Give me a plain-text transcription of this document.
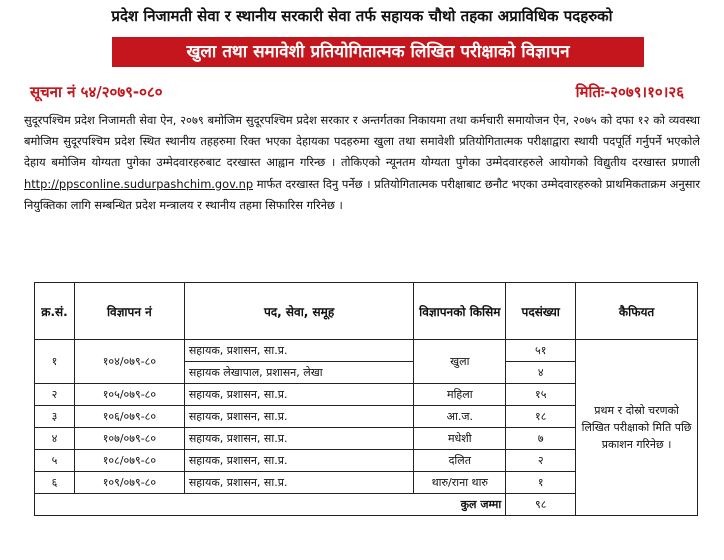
प्रदेश निजामती सेवा र स्थानीय सरकारी सेवा तर्फ सहायक चौथो तहका अप्राविधिक पदहरुको
खुला तथा समावेशी प्रतियोगितात्मक लिखित परीक्षाको विज्ञापन
सूचना नं ५४/२०७९-०८०	मितिः-२०७९।१०।२६
सुदूरपश्चिम प्रदेश निजामती सेवा ऐन, २०७९ बमोजिम सुदूरपश्चिम प्रदेश सरकार र अन्तर्गतका निकायमा तथा कर्मचारी समायोजन ऐन, २०७५ को दफा १२ को व्यवस्था बमोजिम सुदूरपश्चिम प्रदेश स्थित स्थानीय तहहरुमा रिक्त भएका देहायका पदहरुमा खुला तथा समावेशी प्रतियोगितात्मक परीक्षाद्वारा स्थायी पदपूर्ति गर्नुपर्ने भएकोले देहाय बमोजिम योग्यता पुगेका उम्मेदवारहरुबाट दरखास्त आह्वान गरिन्छ । तोकिएको न्यूनतम योग्यता पुगेका उम्मेदवारहरुले आयोगको विद्युतीय दरखास्त प्रणाली http://ppsconline.sudurpashchim.gov.np मार्फत दरखास्त दिनु पर्नेछ । प्रतियोगितात्मक परीक्षाबाट छनौट भएका उम्मेदवारहरुको प्राथमिकताक्रम अनुसार नियुक्तिका लागि सम्बन्धित प्रदेश मन्त्रालय र स्थानीय तहमा सिफारिस गरिनेछ ।
क्र.सं.	विज्ञापन नं	पद, सेवा, समूह	विज्ञापनको किसिम	पदसंख्या	कैफियत
१	१०४/०७९-८०	सहायक, प्रशासन, सा.प्र.	खुला	५१	प्रथम र दोस्रो चरणको लिखित परीक्षाको मिति पछि प्रकाशन गरिनेछ ।
		सहायक लेखापाल, प्रशासन, लेखा		४	
२	१०५/०७९-८०	सहायक, प्रशासन, सा.प्र.	महिला	१५	
३	१०६/०७९-८०	सहायक, प्रशासन, सा.प्र.	आ.ज.	१८	
४	१०७/०७९-८०	सहायक, प्रशासन, सा.प्र.	मधेशी	७	
५	१०८/०७९-८०	सहायक, प्रशासन, सा.प्र.	दलित	२	
६	१०९/०७९-८०	सहायक, प्रशासन, सा.प्र.	थारु/राना थारु	१	
कुल जम्मा				९८	
